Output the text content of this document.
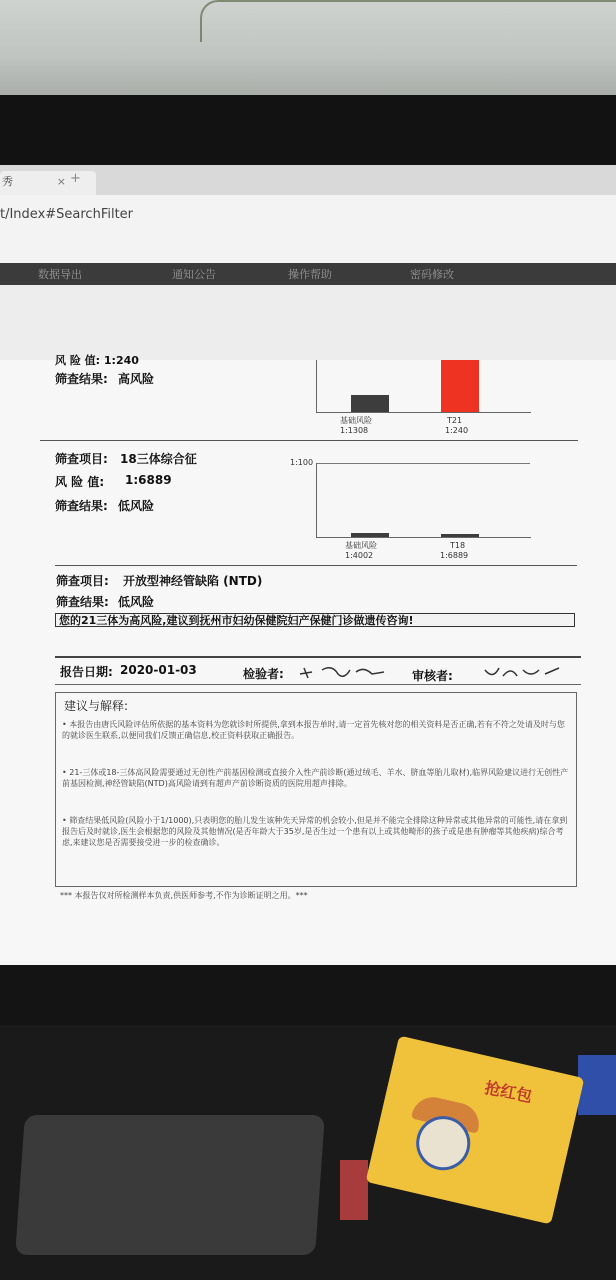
秀	× +
t/Index#SearchFilter
数据导出	通知公告	操作帮助	密码修改
风 险 值: 1:240
筛查结果: 高风险
基础风险
1:1308
T21
1:240
筛查项目: 18三体综合征
风 险 值: 1:6889
筛查结果: 低风险
1:100
基础风险
1:4002
T18
1:6889
筛查项目: 开放型神经管缺陷 (NTD)
筛查结果: 低风险
您的21三体为高风险,建议到抚州市妇幼保健院妇产保健门诊做遗传咨询!
报告日期: 2020-01-03	检验者:	审核者:
建议与解释:
• 本报告由唐氏风险评估所依据的基本资料为您就诊时所提供,拿到本报告单时,请一定首先核对您的相关资料是否正确,若有不符之处请及时与您的就诊医生联系,以便同我们反馈正确信息,校正资料获取正确报告。
• 21-三体或18-三体高风险需要通过无创性产前基因检测或直接介入性产前诊断(通过绒毛、羊水、脐血等胎儿取材),临界风险建议进行无创性产前基因检测,神经管缺陷(NTD)高风险请到有超声产前诊断资质的医院用超声排除。
• 筛查结果低风险(风险小于1/1000),只表明您的胎儿发生该种先天异常的机会较小,但是并不能完全排除这种异常或其他异常的可能性,请在拿到报告后及时就诊,医生会根据您的风险及其他情况(是否年龄大于35岁,是否生过一个患有以上或其他畸形的孩子或是患有肿瘤等其他疾病)综合考虑,来建议您是否需要接受进一步的检查确诊。
*** 本报告仅对所检测样本负责,供医师参考,不作为诊断证明之用。***
抢红包
